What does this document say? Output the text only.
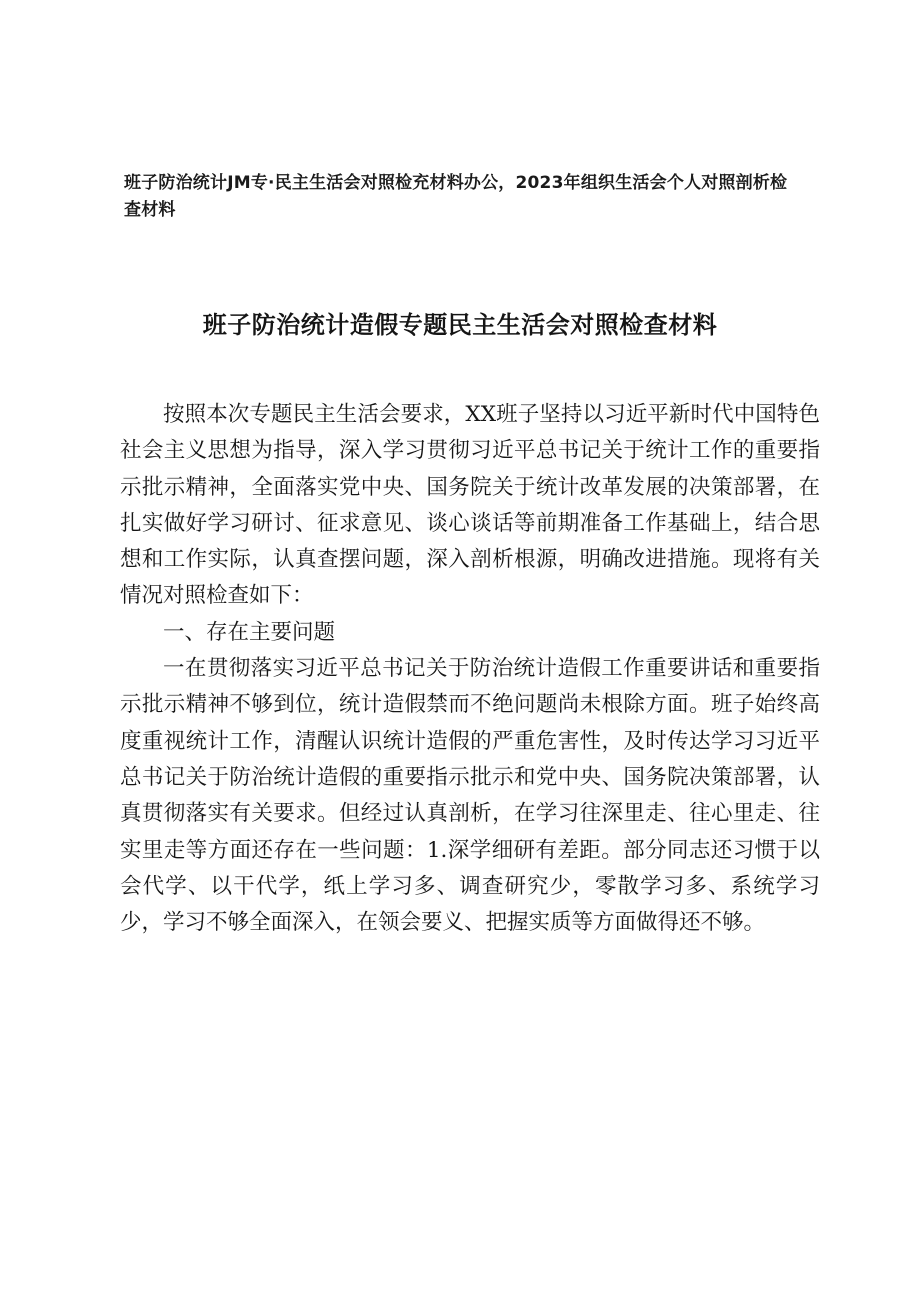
班子防治统计JM专·民主生活会对照检充材料办公，2023年组织生活会个人对照剖析检查材料
班子防治统计造假专题民主生活会对照检查材料

按照本次专题民主生活会要求，XX班子坚持以习近平新时代中国特色社会主义思想为指导，深入学习贯彻习近平总书记关于统计工作的重要指示批示精神，全面落实党中央、国务院关于统计改革发展的决策部署，在扎实做好学习研讨、征求意见、谈心谈话等前期准备工作基础上，结合思想和工作实际，认真查摆问题，深入剖析根源，明确改进措施。现将有关情况对照检查如下：

一、存在主要问题

一在贯彻落实习近平总书记关于防治统计造假工作重要讲话和重要指示批示精神不够到位，统计造假禁而不绝问题尚未根除方面。班子始终高度重视统计工作，清醒认识统计造假的严重危害性，及时传达学习习近平总书记关于防治统计造假的重要指示批示和党中央、国务院决策部署，认真贯彻落实有关要求。但经过认真剖析，在学习往深里走、往心里走、往实里走等方面还存在一些问题：1.深学细研有差距。部分同志还习惯于以会代学、以干代学，纸上学习多、调查研究少，零散学习多、系统学习少，学习不够全面深入，在领会要义、把握实质等方面做得还不够。
